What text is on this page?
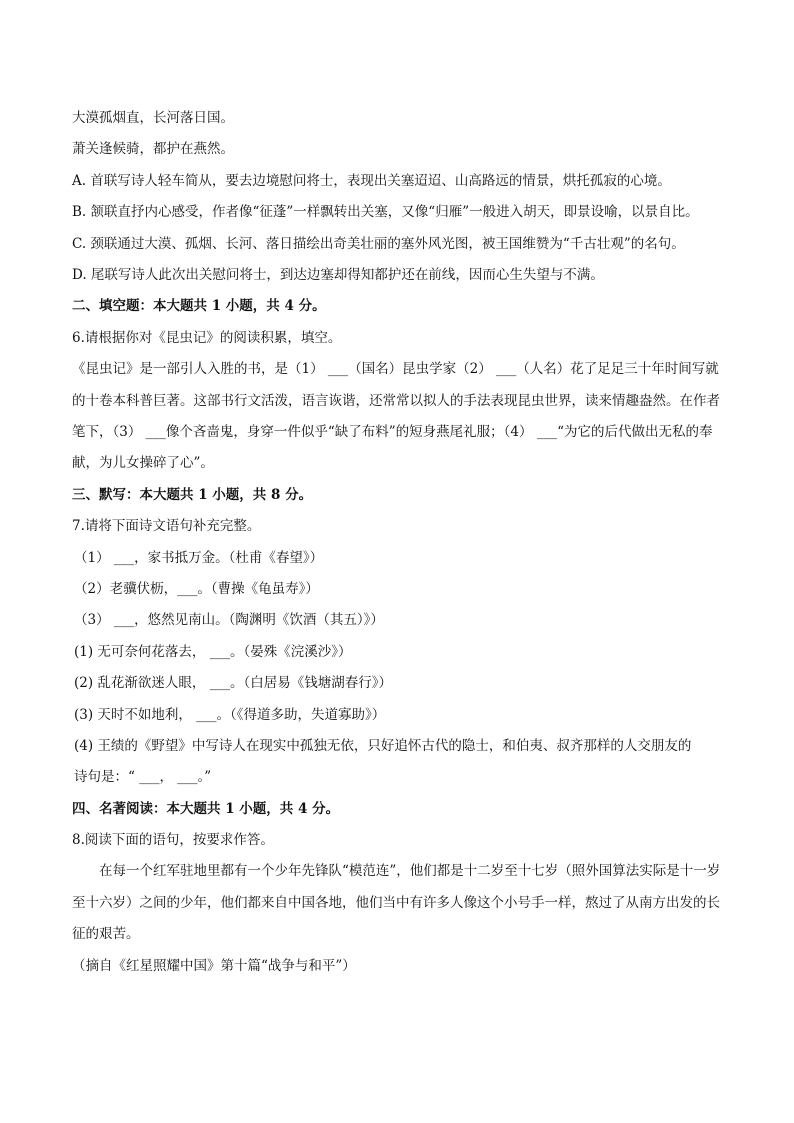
大漠孤烟直，长河落日国。
萧关逢候骑，都护在燕然。
A. 首联写诗人轻车简从，要去边境慰问将士，表现出关塞迢迢、山高路远的情景，烘托孤寂的心境。
B. 颔联直抒内心感受，作者像“征蓬”一样飘转出关塞，又像“归雁”一般进入胡天，即景设喻，以景自比。
C. 颈联通过大漠、孤烟、长河、落日描绘出奇美壮丽的塞外风光图，被王国维赞为“千古壮观”的名句。
D. 尾联写诗人此次出关慰问将士，到达边塞却得知都护还在前线，因而心生失望与不满。
二、填空题：本大题共 1 小题，共 4 分。
6.请根据你对《昆虫记》的阅读积累，填空。
《昆虫记》是一部引人入胜的书，是（1） ___（国名）昆虫学家（2） ___（人名）花了足足三十年时间写就的十卷本科普巨著。这部书行文活泼，语言诙谐，还常常以拟人的手法表现昆虫世界，读来情趣盎然。在作者笔下，（3） ___像个吝啬鬼，身穿一件似乎“缺了布料”的短身燕尾礼服；（4） ___“为它的后代做出无私的奉献，为儿女操碎了心”。
三、默写：本大题共 1 小题，共 8 分。
7.请将下面诗文语句补充完整。
（1） ___，家书抵万金。（杜甫《春望》）
（2）老骥伏枥，___。（曹操《龟虽寿》）
（3） ___，悠然见南山。（陶渊明《饮酒（其五）》）
(1) 无可奈何花落去， ___。（晏殊《浣溪沙》）
(2) 乱花渐欲迷人眼， ___。（白居易《钱塘湖春行》）
(3) 天时不如地利， ___。（《得道多助，失道寡助》）
(4) 王绩的《野望》中写诗人在现实中孤独无依，只好追怀古代的隐士，和伯夷、叔齐那样的人交朋友的
诗句是：“ ___， ___。”
四、名著阅读：本大题共 1 小题，共 4 分。
8.阅读下面的语句，按要求作答。
在每一个红军驻地里都有一个少年先锋队“模范连”，他们都是十二岁至十七岁（照外国算法实际是十一岁至十六岁）之间的少年，他们都来自中国各地，他们当中有许多人像这个小号手一样，熬过了从南方出发的长征的艰苦。
（摘自《红星照耀中国》第十篇“战争与和平”）
